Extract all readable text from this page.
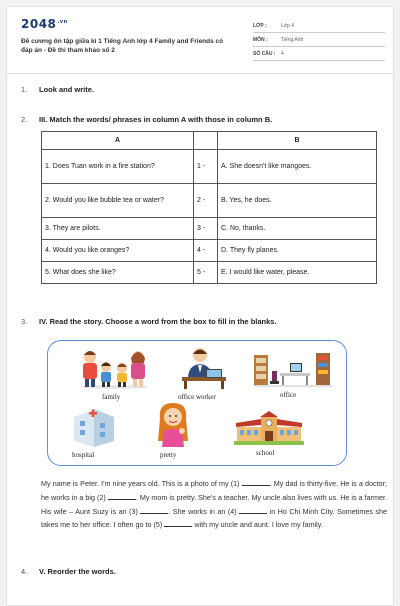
$2048^{.vn}$
Đề cương ôn tập giữa kì 1 Tiếng Anh lớp 4 Family and Friends có đáp án - Đề thi tham khảo số 2
LỚP :	Lớp 4
MÔN :	Tiếng Anh
SỐ CÂU :	4
1.	Look and write.
2.	III. Match the words/ phrases in column A with those in column B.
A		B
1. Does Tuan work in a fire station?	1 -	A. She doesn't like mangoes.
2. Would you like bubble tea or water?	2 -	B. Yes, he does.
3. They are pilots.	3 -	C. No, thanks.
4. Would you like oranges?	4 -	D. They fly planes.
5. What does she like?	5 -	E. I would like water, please.
3.	IV. Read the story. Choose a word from the box to fill in the blanks.
family	office worker	office
hospital	pretty	school

My name is Peter. I'm nine years old. This is a photo of my (1)	. My dad is thirty-five. He is a doctor; he works in a big (2)	. My mom is pretty. She's a teacher. My uncle also lives with us. He is a farmer. His wife – Aunt Suzy is an (3)	. She works in an (4)	in Ho Chi Minh City. Sometimes she takes me to her office. I often go to (5)	with my uncle and aunt. I love my family.

4.	V. Reorder the words.
